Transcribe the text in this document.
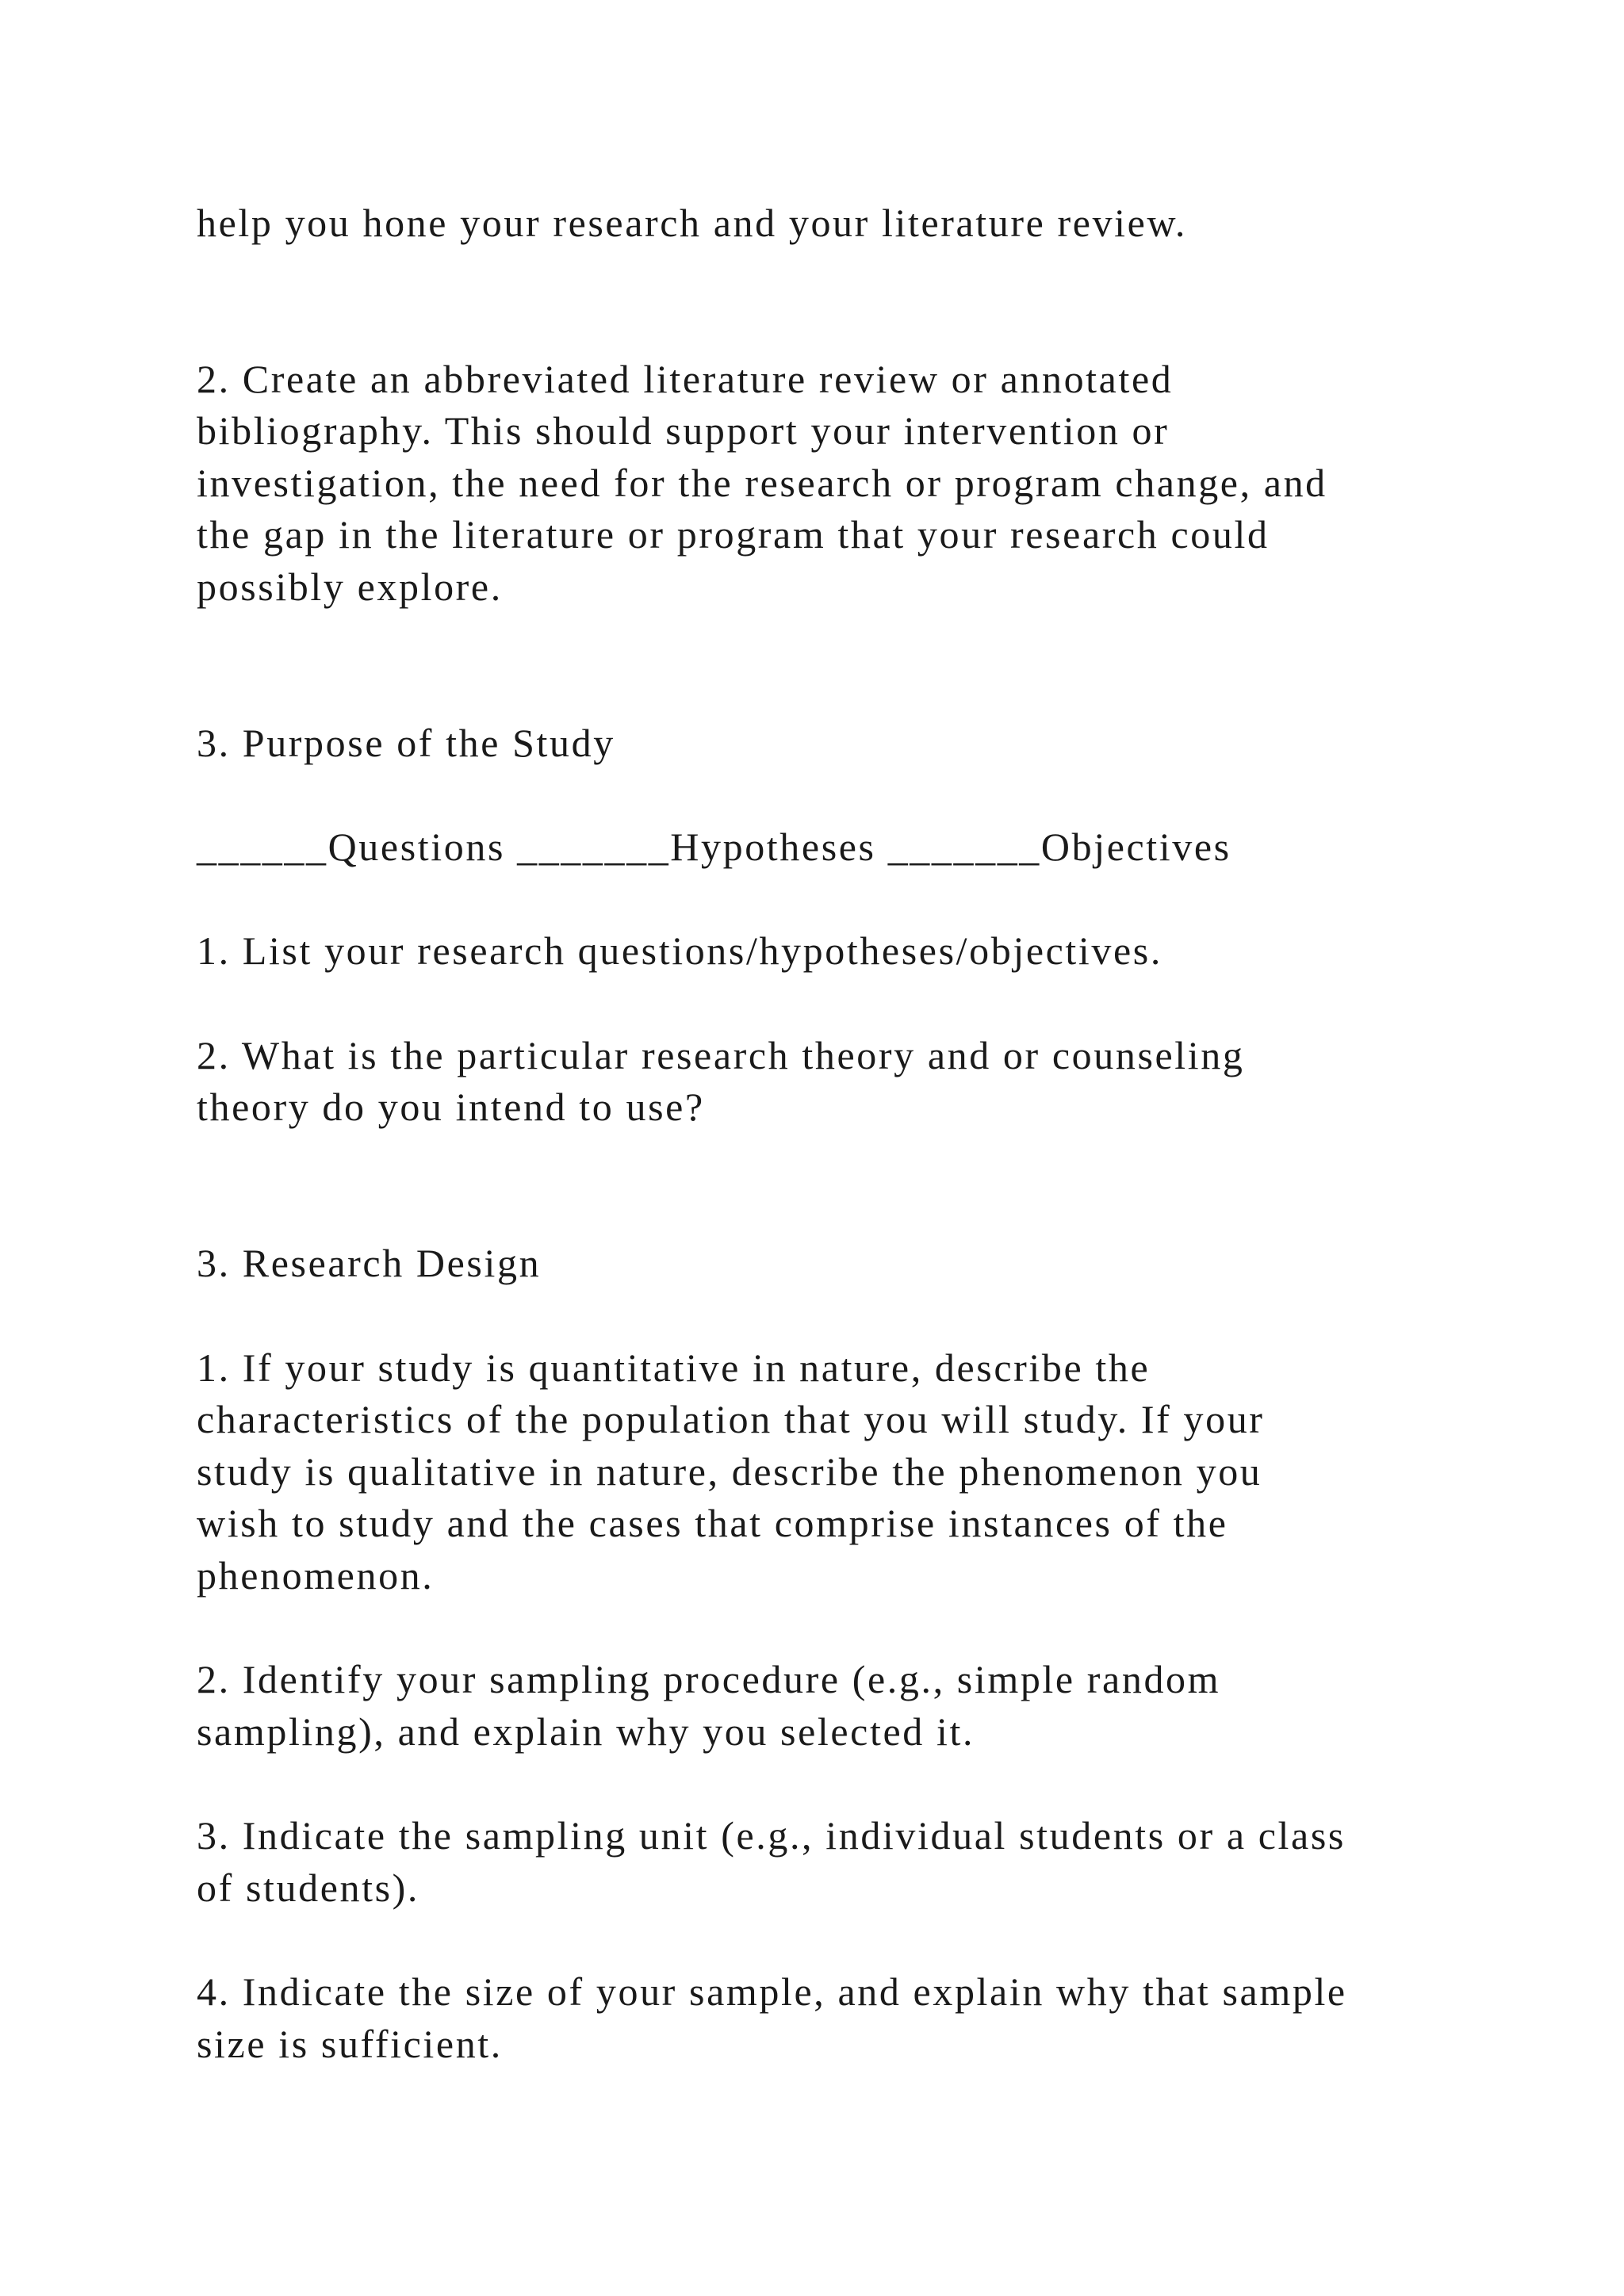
help you hone your research and your literature review.

2. Create an abbreviated literature review or annotated

bibliography. This should support your intervention or

investigation, the need for the research or program change, and

the gap in the literature or program that your research could

possibly explore.

3. Purpose of the Study

______Questions _______Hypotheses _______Objectives

1. List your research questions/hypotheses/objectives.

2. What is the particular research theory and or counseling

theory do you intend to use?

3. Research Design

1. If your study is quantitative in nature, describe the

characteristics of the population that you will study. If your

study is qualitative in nature, describe the phenomenon you

wish to study and the cases that comprise instances of the

phenomenon.

2. Identify your sampling procedure (e.g., simple random

sampling), and explain why you selected it.

3. Indicate the sampling unit (e.g., individual students or a class

of students).

4. Indicate the size of your sample, and explain why that sample

size is sufficient.
